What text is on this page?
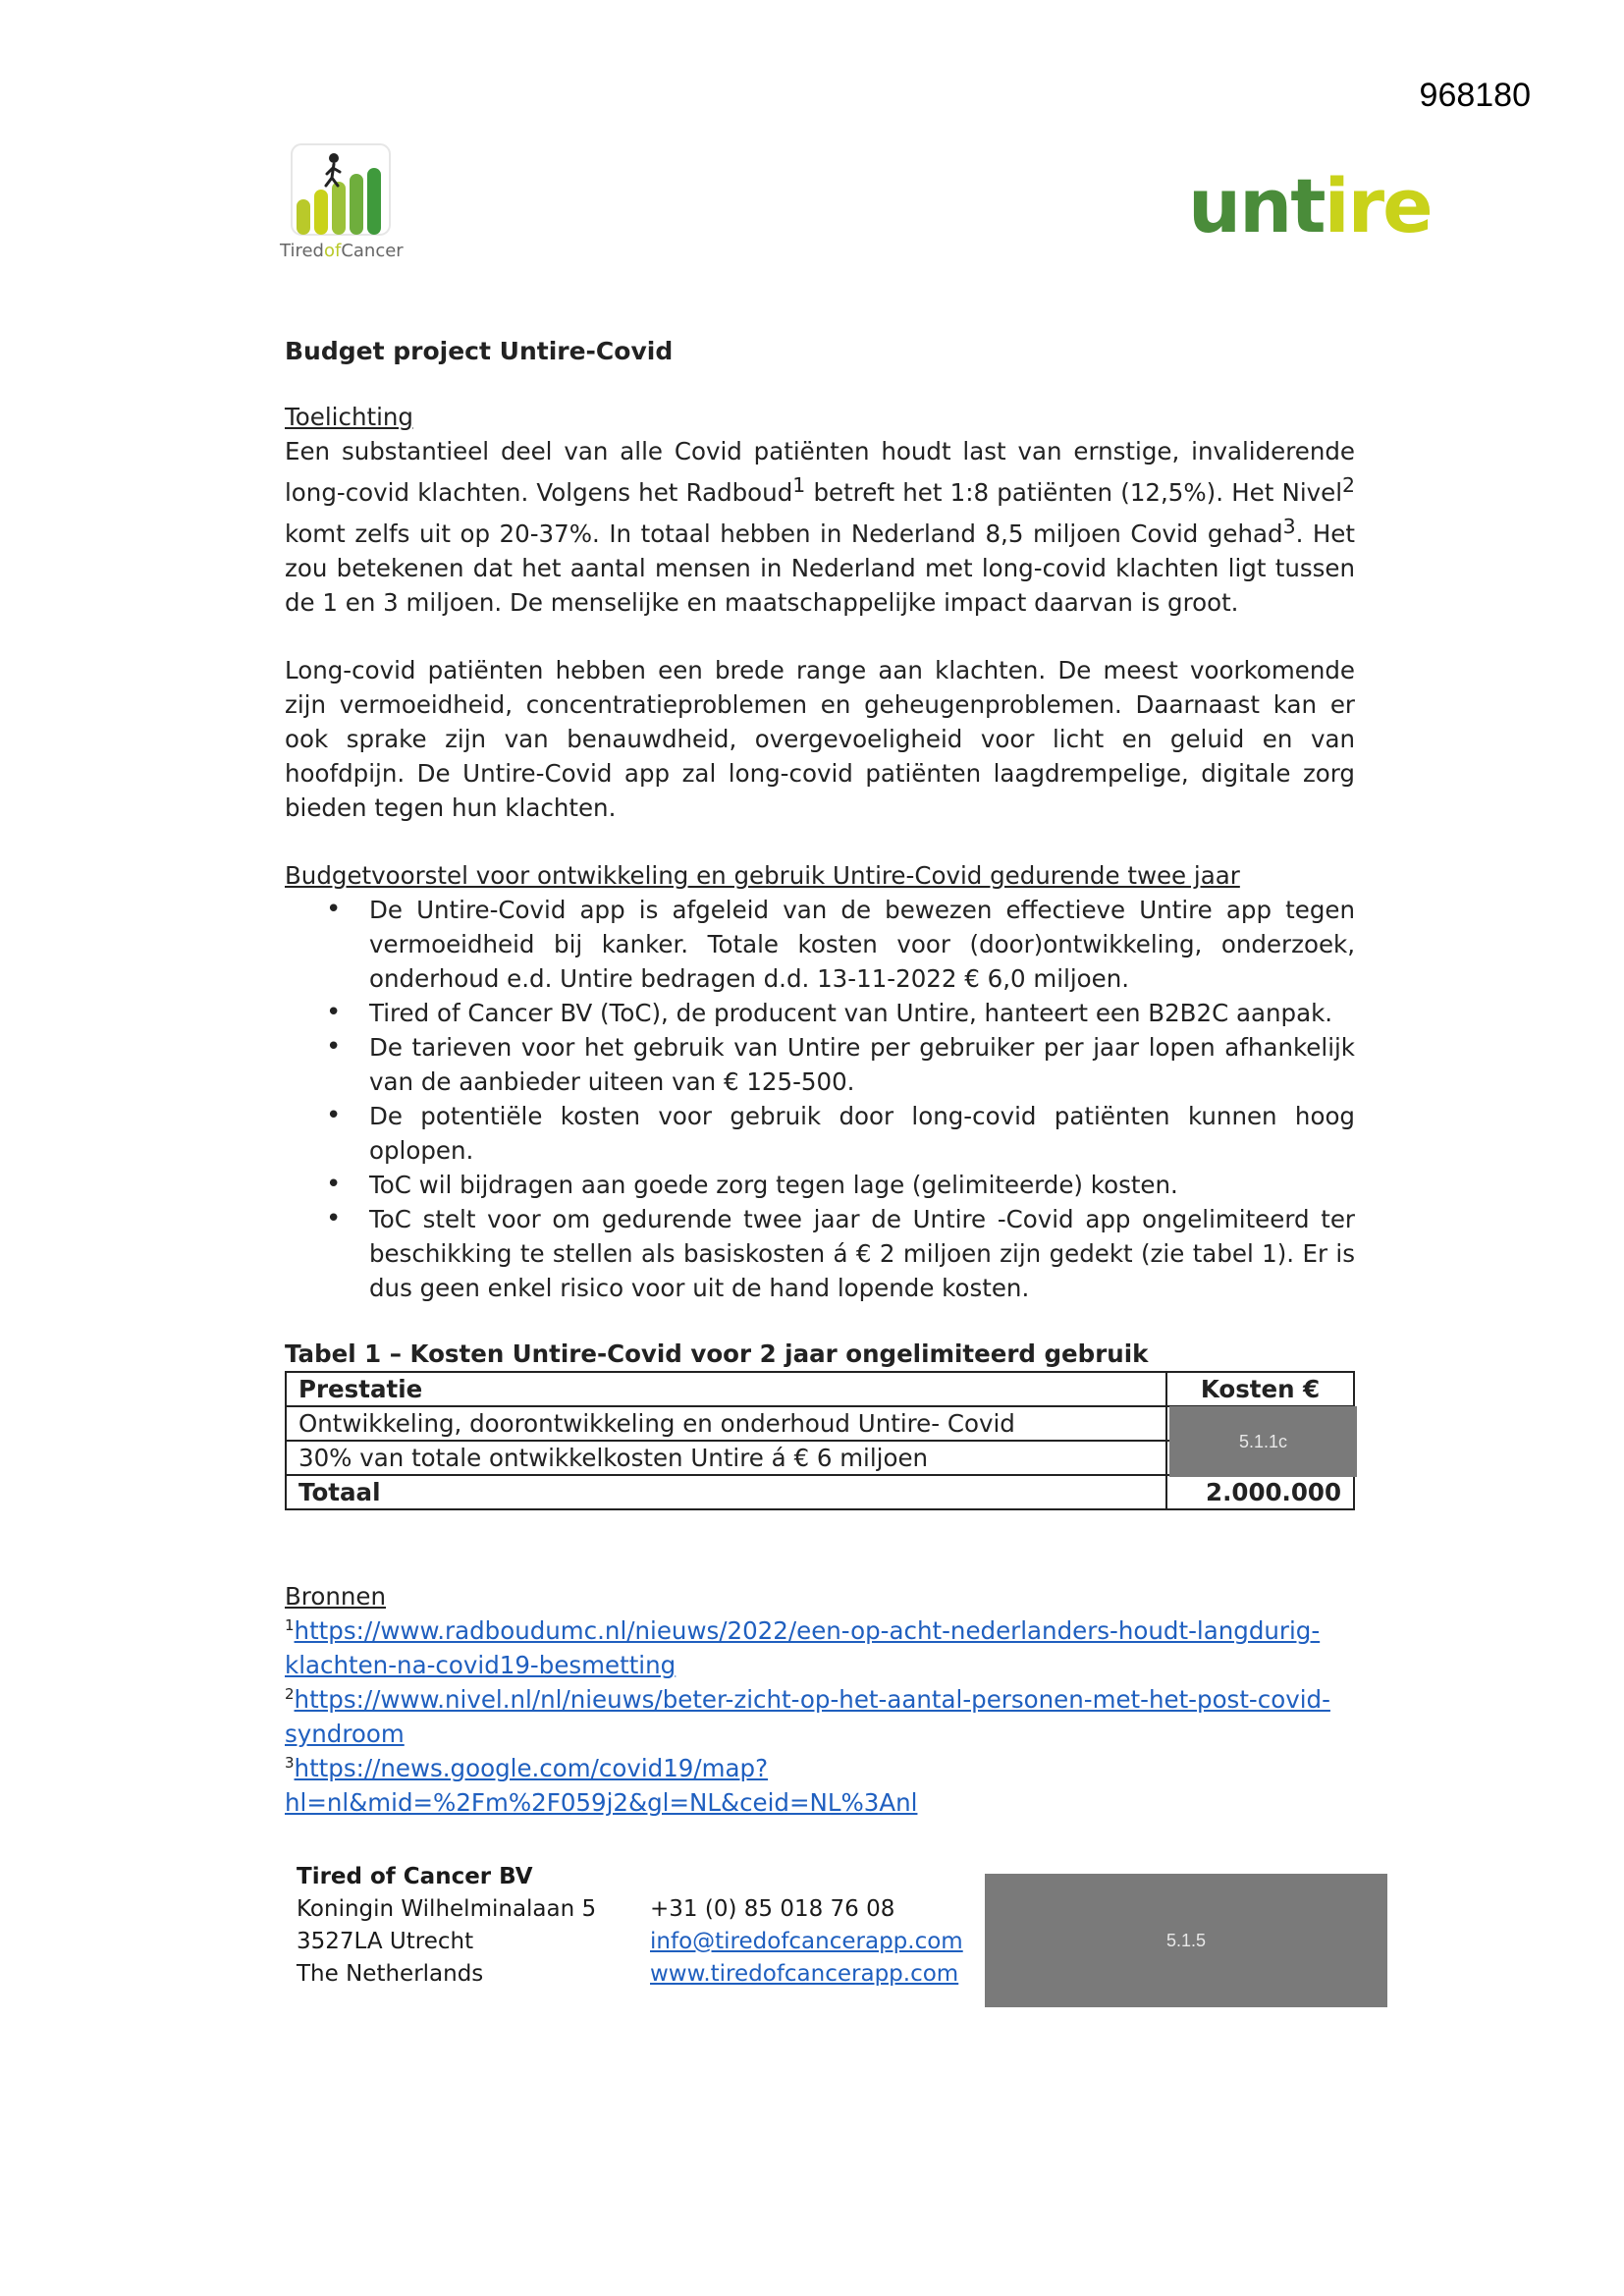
968180
TiredofCancer
untire
Budget project Untire-Covid
Toelichting

Een substantieel deel van alle Covid patiënten houdt last van ernstige, invaliderende long-covid klachten. Volgens het Radboud$^1$ betreft het 1:8 patiënten (12,5%). Het Nivel$^2$ komt zelfs uit op 20-37%. In totaal hebben in Nederland 8,5 miljoen Covid gehad$^3$. Het zou betekenen dat het aantal mensen in Nederland met long-covid klachten ligt tussen de 1 en 3 miljoen. De menselijke en maatschappelijke impact daarvan is groot.

Long-covid patiënten hebben een brede range aan klachten. De meest voorkomende zijn vermoeidheid, concentratieproblemen en geheugenproblemen. Daarnaast kan er ook sprake zijn van benauwdheid, overgevoeligheid voor licht en geluid en van hoofdpijn. De Untire-Covid app zal long-covid patiënten laagdrempelige, digitale zorg bieden tegen hun klachten.

Budgetvoorstel voor ontwikkeling en gebruik Untire-Covid gedurende twee jaar
• De Untire-Covid app is afgeleid van de bewezen effectieve Untire app tegen vermoeidheid bij kanker. Totale kosten voor (door)ontwikkeling, onderzoek, onderhoud e.d. Untire bedragen d.d. 13-11-2022 € 6,0 miljoen.
• Tired of Cancer BV (ToC), de producent van Untire, hanteert een B2B2C aanpak.
• De tarieven voor het gebruik van Untire per gebruiker per jaar lopen afhankelijk van de aanbieder uiteen van € 125-500.
• De potentiële kosten voor gebruik door long-covid patiënten kunnen hoog oplopen.
• ToC wil bijdragen aan goede zorg tegen lage (gelimiteerde) kosten.
• ToC stelt voor om gedurende twee jaar de Untire -Covid app ongelimiteerd ter beschikking te stellen als basiskosten á € 2 miljoen zijn gedekt (zie tabel 1). Er is dus geen enkel risico voor uit de hand lopende kosten.
Tabel 1 – Kosten Untire-Covid voor 2 jaar ongelimiteerd gebruik
Prestatie	Kosten €
Ontwikkeling, doorontwikkeling en onderhoud Untire- Covid	
30% van totale ontwikkelkosten Untire á € 6 miljoen	
Totaal	2.000.000
5.1.1c
Bronnen
$^1$https://www.radboudumc.nl/nieuws/2022/een-op-acht-nederlanders-houdt-langdurig-klachten-na-covid19-besmetting
$^2$https://www.nivel.nl/nl/nieuws/beter-zicht-op-het-aantal-personen-met-het-post-covid-syndroom
$^3$https://news.google.com/covid19/map?hl=nl&mid=%2Fm%2F059j2&gl=NL&ceid=NL%3Anl
Tired of Cancer BV
Koningin Wilhelminalaan 5
3527LA Utrecht
The Netherlands
+31 (0) 85 018 76 08
info@tiredofcancerapp.com
www.tiredofcancerapp.com
5.1.5
